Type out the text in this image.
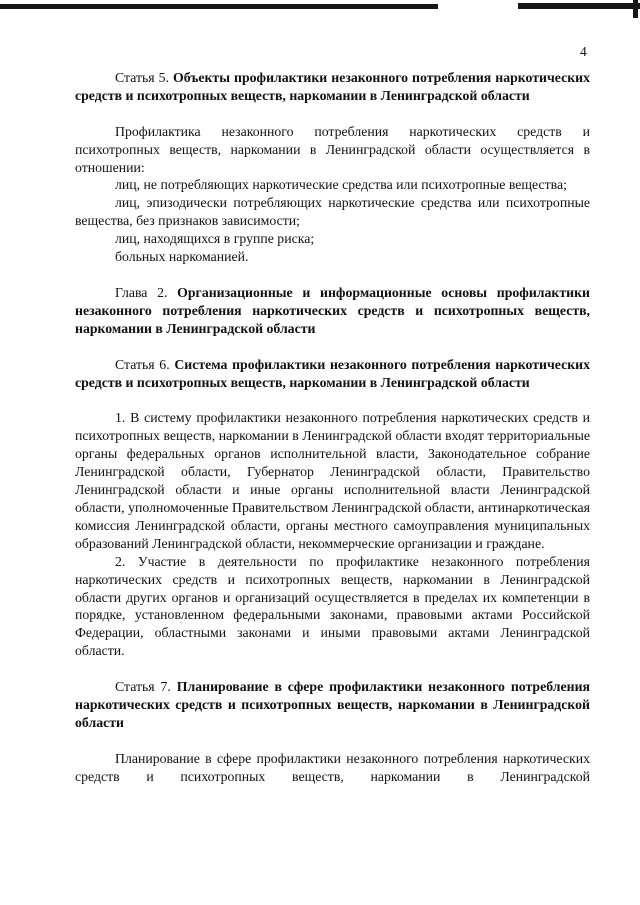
4

Статья 5. Объекты профилактики незаконного потребления наркотических средств и психотропных веществ, наркомании в Ленинградской области

Профилактика незаконного потребления наркотических средств и психотропных веществ, наркомании в Ленинградской области осуществляется в отношении:

лиц, не потребляющих наркотические средства или психотропные вещества;

лиц, эпизодически потребляющих наркотические средства или психотропные вещества, без признаков зависимости;

лиц, находящихся в группе риска;

больных наркоманией.

Глава 2. Организационные и информационные основы профилактики незаконного потребления наркотических средств и психотропных веществ, наркомании в Ленинградской области

Статья 6. Система профилактики незаконного потребления наркотических средств и психотропных веществ, наркомании в Ленинградской области

1. В систему профилактики незаконного потребления наркотических средств и психотропных веществ, наркомании в Ленинградской области входят территориальные органы федеральных органов исполнительной власти, Законодательное собрание Ленинградской области, Губернатор Ленинградской области, Правительство Ленинградской области и иные органы исполнительной власти Ленинградской области, уполномоченные Правительством Ленинградской области, антинаркотическая комиссия Ленинградской области, органы местного самоуправления муниципальных образований Ленинградской области, некоммерческие организации и граждане.

2. Участие в деятельности по профилактике незаконного потребления наркотических средств и психотропных веществ, наркомании в Ленинградской области других органов и организаций осуществляется в пределах их компетенции в порядке, установленном федеральными законами, правовыми актами Российской Федерации, областными законами и иными правовыми актами Ленинградской области.

Статья 7. Планирование в сфере профилактики незаконного потребления наркотических средств и психотропных веществ, наркомании в Ленинградской области

Планирование в сфере профилактики незаконного потребления наркотических средств и психотропных веществ, наркомании в Ленинградской
